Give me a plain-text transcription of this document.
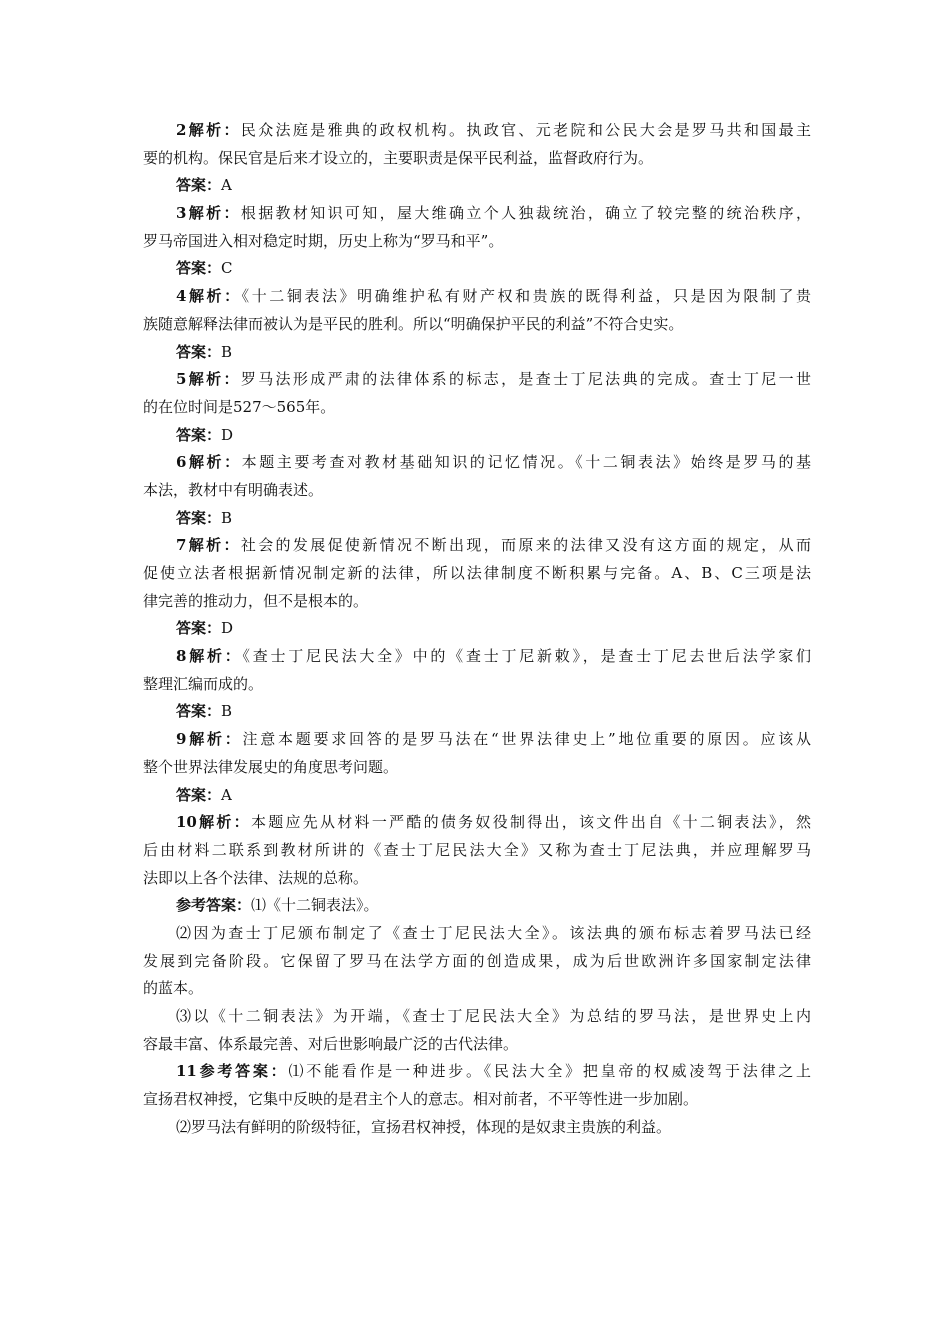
2解析：民众法庭是雅典的政权机构。执政官、元老院和公民大会是罗马共和国最主
要的机构。保民官是后来才设立的，主要职责是保平民利益，监督政府行为。
答案：A
3解析：根据教材知识可知，屋大维确立个人独裁统治，确立了较完整的统治秩序，
罗马帝国进入相对稳定时期，历史上称为“罗马和平”。
答案：C
4解析：《十二铜表法》明确维护私有财产权和贵族的既得利益，只是因为限制了贵
族随意解释法律而被认为是平民的胜利。所以“明确保护平民的利益”不符合史实。
答案：B
5解析：罗马法形成严肃的法律体系的标志，是查士丁尼法典的完成。查士丁尼一世
的在位时间是527～565年。
答案：D
6解析：本题主要考查对教材基础知识的记忆情况。《十二铜表法》始终是罗马的基
本法，教材中有明确表述。
答案：B
7解析：社会的发展促使新情况不断出现，而原来的法律又没有这方面的规定，从而
促使立法者根据新情况制定新的法律，所以法律制度不断积累与完备。A、B、C三项是法
律完善的推动力，但不是根本的。
答案：D
8解析：《查士丁尼民法大全》中的《查士丁尼新敕》，是查士丁尼去世后法学家们
整理汇编而成的。
答案：B
9解析：注意本题要求回答的是罗马法在“世界法律史上”地位重要的原因。应该从
整个世界法律发展史的角度思考问题。
答案：A
10解析：本题应先从材料一严酷的债务奴役制得出，该文件出自《十二铜表法》，然
后由材料二联系到教材所讲的《查士丁尼民法大全》又称为查士丁尼法典，并应理解罗马
法即以上各个法律、法规的总称。
参考答案：⑴《十二铜表法》。
⑵因为查士丁尼颁布制定了《查士丁尼民法大全》。该法典的颁布标志着罗马法已经
发展到完备阶段。它保留了罗马在法学方面的创造成果，成为后世欧洲许多国家制定法律
的蓝本。
⑶以《十二铜表法》为开端，《查士丁尼民法大全》为总结的罗马法，是世界史上内
容最丰富、体系最完善、对后世影响最广泛的古代法律。
11参考答案：⑴不能看作是一种进步。《民法大全》把皇帝的权威凌驾于法律之上
宣扬君权神授，它集中反映的是君主个人的意志。相对前者，不平等性进一步加剧。
⑵罗马法有鲜明的阶级特征，宣扬君权神授，体现的是奴隶主贵族的利益。
